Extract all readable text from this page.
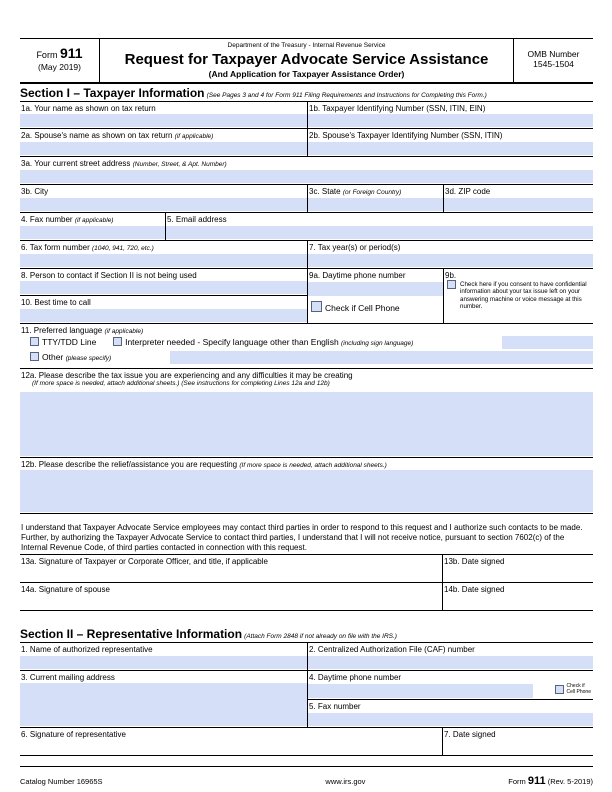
Form 911
(May 2019)
Department of the Treasury - Internal Revenue Service
Request for Taxpayer Advocate Service Assistance
(And Application for Taxpayer Assistance Order)
OMB Number
1545-1504
Section I – Taxpayer Information (See Pages 3 and 4 for Form 911 Filing Requirements and Instructions for Completing this Form.)
1a. Your name as shown on tax return	1b. Taxpayer Identifying Number (SSN, ITIN, EIN)
2a. Spouse's name as shown on tax return (if applicable)	2b. Spouse's Taxpayer Identifying Number (SSN, ITIN)
3a. Your current street address (Number, Street, & Apt. Number)
3b. City	3c. State (or Foreign Country)	3d. ZIP code
4. Fax number (if applicable)	5. Email address
6. Tax form number (1040, 941, 720, etc.)	7. Tax year(s) or period(s)
8. Person to contact if Section II is not being used
10. Best time to call
9a. Daytime phone number
Check if Cell Phone
9b.
Check here if you consent to have confidential information about your tax issue left on your answering machine or voice message at this number.
11. Preferred language (if applicable)
TTY/TDD Line	Interpreter needed - Specify language other than English (including sign language)
Other (please specify)
12a. Please describe the tax issue you are experiencing and any difficulties it may be creating
(If more space is needed, attach additional sheets.) (See instructions for completing Lines 12a and 12b)
12b. Please describe the relief/assistance you are requesting (If more space is needed, attach additional sheets.)
I understand that Taxpayer Advocate Service employees may contact third parties in order to respond to this request and I authorize such contacts to be made. Further, by authorizing the Taxpayer Advocate Service to contact third parties, I understand that I will not receive notice, pursuant to section 7602(c) of the Internal Revenue Code, of third parties contacted in connection with this request.
13a. Signature of Taxpayer or Corporate Officer, and title, if applicable	13b. Date signed
14a. Signature of spouse	14b. Date signed
Section II – Representative Information (Attach Form 2848 if not already on file with the IRS.)
1. Name of authorized representative	2. Centralized Authorization File (CAF) number
3. Current mailing address	4. Daytime phone number
Check if
Cell Phone
5. Fax number
6. Signature of representative	7. Date signed
Catalog Number 16965S	www.irs.gov	Form 911 (Rev. 5-2019)
